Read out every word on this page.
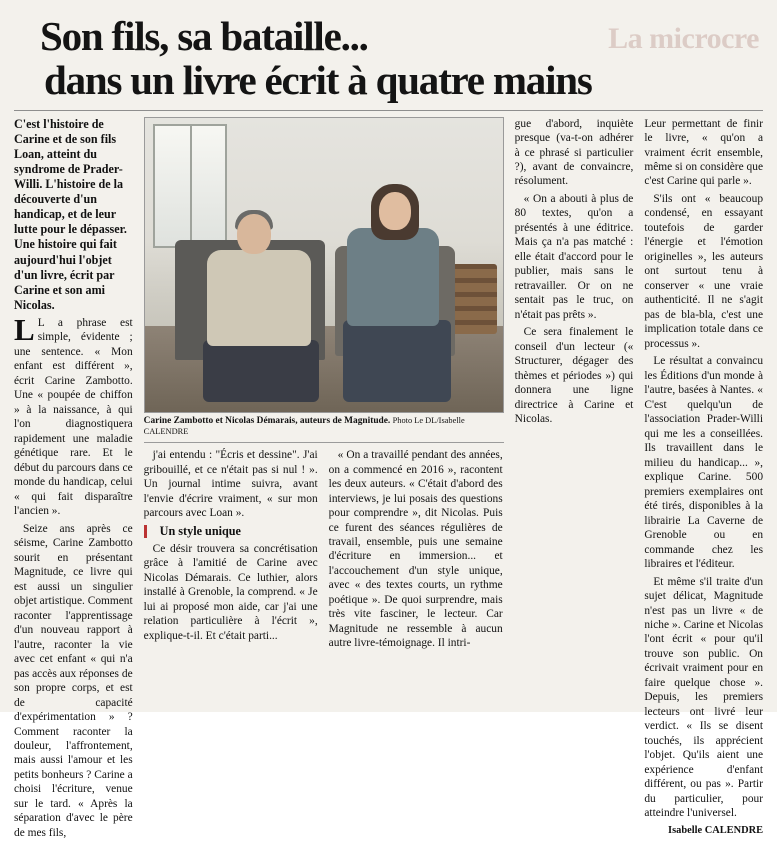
La microcre
Son fils, sa bataille...
dans un livre écrit à quatre mains

C'est l'histoire de Carine et de son fils Loan, atteint du syndrome de Prader-Willi. L'histoire de la découverte d'un handicap, et de leur lutte pour le dépasser. Une histoire qui fait aujourd'hui l'objet d'un livre, écrit par Carine et son ami Nicolas.

L L a phrase est simple, évidente ; une sentence. « Mon enfant est différent », écrit Carine Zambotto. Une « poupée de chiffon » à la naissance, à qui l'on diagnostiquera rapidement une maladie génétique rare. Et le début du parcours dans ce monde du handicap, celui « qui fait disparaître l'ancien ».

Seize ans après ce séisme, Carine Zambotto sourit en présentant Magnitude, ce livre qui est aussi un singulier objet artistique. Comment raconter l'apprentissage d'un nouveau rapport à l'autre, raconter la vie avec cet enfant « qui n'a pas accès aux réponses de son propre corps, et est de capacité d'expérimentation » ? Comment raconter la douleur, l'affrontement, mais aussi l'amour et les petits bonheurs ? Carine a choisi l'écriture, venue sur le tard. « Après la séparation d'avec le père de mes fils,

Carine Zambotto et Nicolas Démarais, auteurs de Magnitude. Photo Le DL/Isabelle CALENDRE

j'ai entendu : "Écris et dessine". J'ai gribouillé, et ce n'était pas si nul ! ». Un journal intime suivra, avant l'envie d'écrire vraiment, « sur mon parcours avec Loan ».

Un style unique

Ce désir trouvera sa concrétisation grâce à l'amitié de Carine avec Nicolas Démarais. Ce luthier, alors installé à Grenoble, la comprend. « Je lui ai proposé mon aide, car j'ai une relation particulière à l'écrit », explique-t-il. Et c'était parti...

« On a travaillé pendant des années, on a commencé en 2016 », racontent les deux auteurs. « C'était d'abord des interviews, je lui posais des questions pour comprendre », dit Nicolas. Puis ce furent des séances régulières de travail, ensemble, puis une semaine d'écriture en immersion... et l'accouchement d'un style unique, avec « des textes courts, un rythme poétique ». De quoi surprendre, mais très vite fasciner, le lecteur. Car Magnitude ne ressemble à aucun autre livre-témoignage. Il intri-

gue d'abord, inquiète presque (va-t-on adhérer à ce phrasé si particulier ?), avant de convaincre, résolument.

« On a abouti à plus de 80 textes, qu'on a présentés à une éditrice. Mais ça n'a pas matché : elle était d'accord pour le publier, mais sans le retravailler. Or on ne sentait pas le truc, on n'était pas prêts ».

Ce sera finalement le conseil d'un lecteur (« Structurer, dégager des thèmes et périodes ») qui donnera une ligne directrice à Carine et Nicolas.

Leur permettant de finir le livre, « qu'on a vraiment écrit ensemble, même si on considère que c'est Carine qui parle ».

S'ils ont « beaucoup condensé, en essayant toutefois de garder l'énergie et l'émotion originelles », les auteurs ont surtout tenu à conserver « une vraie authenticité. Il ne s'agit pas de bla-bla, c'est une implication totale dans ce processus ».

Le résultat a convaincu les Éditions d'un monde à l'autre, basées à Nantes. « C'est quelqu'un de l'association Prader-Willi qui me les a conseillées. Ils travaillent dans le milieu du handicap... », explique Carine. 500 premiers exemplaires ont été tirés, disponibles à la librairie La Caverne de Grenoble ou en commande chez les libraires et l'éditeur.

Et même s'il traite d'un sujet délicat, Magnitude n'est pas un livre « de niche ». Carine et Nicolas l'ont écrit « pour qu'il trouve son public. On écrivait vraiment pour en faire quelque chose ». Depuis, les premiers lecteurs ont livré leur verdict. « Ils se disent touchés, ils apprécient l'objet. Qu'ils aient une expérience d'enfant différent, ou pas ». Partir du particulier, pour atteindre l'universel.

Isabelle CALENDRE
